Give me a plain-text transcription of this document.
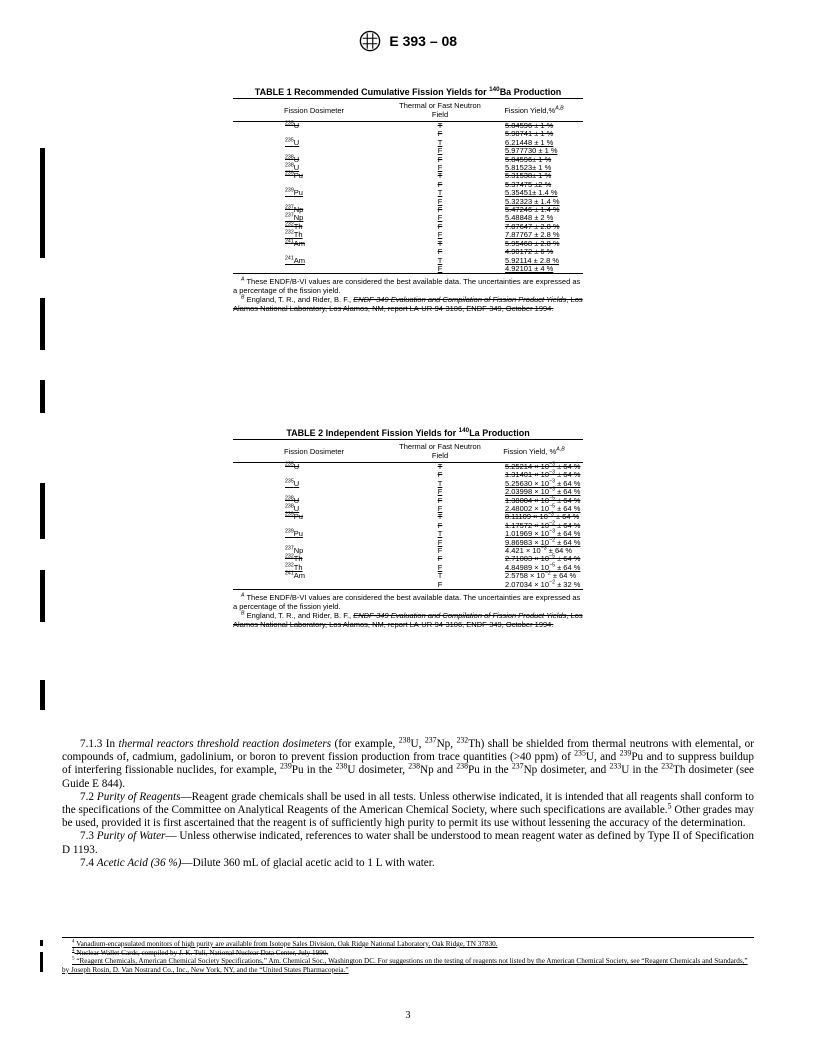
E 393 – 08
TABLE 1 Recommended Cumulative Fission Yields for $^{140}$Ba Production
Fission Dosimeter	Thermal or Fast Neutron Field	Fission Yield,%$^{A,B}$
$^{235}$U	T	5.84596 ± 1 %
	F	5.98741 ± 1 %
$^{235}$U	T	6.21448 ± 1 %
	F	5.977730 ± 1 %
$^{238}$U	F	5.84596± 1 %
$^{238}$U	F	5.81523± 1 %
$^{239}$Pu	T	5.31538± 1 %
	F	5.37475 ±2 %
$^{239}$Pu	T	5.35451± 1.4 %
	F	5.32323 ± 1.4 %
$^{237}$Np	F	5.47246 ± 1.4 %
$^{237}$Np	F	5.48848 ± 2 %
$^{232}$Th	F	7.87647 ± 2.8 %
$^{232}$Th	F	7.87767 ± 2.8 %
$^{241}$Am	T	5.95468 ± 2.8 %
	F	4.90172 ± 6 %
$^{241}$Am	T	5.92114 ± 2.8 %
	F	4.92101 ± 4 %

$^A$ These ENDF/B-VI values are considered the best available data. The uncertainties are expressed as a percentage of the fission yield.

$^B$ England, T. R., and Rider, B. F., ENDF-349 Evaluation and Compilation of Fission Product Yields, Los Alamos National Laboratory, Los Alamos, NM, report LA-UR-94-3106, ENDF-349, October 1994.

TABLE 2 Independent Fission Yields for $^{140}$La Production
Fission Dosimeter	Thermal or Fast Neutron Field	Fission Yield, %$^{A,B}$
$^{235}$U	T	$5.25214 \times 10^{-3} \pm 64$ %
	F	$1.31401 \times 10^{-3} \pm 64$ %
$^{235}$U	T	$5.25630 \times 10^{-3} \pm 64$ %
	F	$2.03998 \times 10^{-3} \pm 64$ %
$^{238}$U	F	$1.38004 \times 10^{-5} \pm 64$ %
$^{238}$U	F	$2.48002 \times 10^{-5} \pm 64$ %
$^{239}$Pu	T	$8.11109 \times 10^{-3} \pm 64$ %
	F	$1.17572 \times 10^{-2} \pm 64$ %
$^{239}$Pu	T	$1.01969 \times 10^{-3} \pm 64$ %
	F	$9.86983 \times 10^{-2} \pm 64$ %
$^{237}$Np	F	$4.421 \times 10^{-3} \pm 64$ %
$^{232}$Th	F	$2.71003 \times 10^{-5} \pm 64$ %
$^{232}$Th	F	$4.84989 \times 10^{-5} \pm 64$ %
$^{241}$Am	T	$2.5758 \times 10^{-2} \pm 64$ %
	F	$2.07034 \times 10^{-2} \pm 32$ %

$^A$ These ENDF/B-VI values are considered the best available data. The uncertainties are expressed as a percentage of the fission yield.

$^B$ England, T. R., and Rider, B. F., ENDF-349 Evaluation and Compilation of Fission Product Yields, Los Alamos National Laboratory, Los Alamos, NM, report LA-UR-94-3106, ENDF-349, October 1994.

7.1.3 In thermal reactors threshold reaction dosimeters (for example, $^{238}$U, $^{237}$Np, $^{232}$Th) shall be shielded from thermal neutrons with elemental, or compounds of, cadmium, gadolinium, or boron to prevent fission production from trace quantities (>40 ppm) of $^{235}$U, and $^{239}$Pu and to suppress buildup of interfering fissionable nuclides, for example, $^{239}$Pu in the $^{238}$U dosimeter, $^{238}$Np and $^{238}$Pu in the $^{237}$Np dosimeter, and $^{233}$U in the $^{232}$Th dosimeter (see Guide E 844).

7.2 Purity of Reagents—Reagent grade chemicals shall be used in all tests. Unless otherwise indicated, it is intended that all reagents shall conform to the specifications of the Committee on Analytical Reagents of the American Chemical Society, where such specifications are available.$^5$ Other grades may be used, provided it is first ascertained that the reagent is of sufficiently high purity to permit its use without lessening the accuracy of the determination.

7.3 Purity of Water— Unless otherwise indicated, references to water shall be understood to mean reagent water as defined by Type II of Specification D 1193.

7.4 Acetic Acid (36 %)—Dilute 360 mL of glacial acetic acid to 1 L with water.

$^4$ Vanadium-encapsulated monitors of high purity are available from Isotope Sales Division, Oak Ridge National Laboratory, Oak Ridge, TN 37830.

$^4$ Nuclear Wallet Cards, compiled by J. K. Tuli, National Nuclear Data Center, July 1990.

$^5$ “Reagent Chemicals, American Chemical Society Specifications,” Am. Chemical Soc., Washington DC. For suggestions on the testing of reagents not listed by the American Chemical Society, see “Reagent Chemicals and Standards,” by Joseph Rosin, D. Van Nostrand Co., Inc., New York, NY, and the “United States Pharmacopeia.”

3
